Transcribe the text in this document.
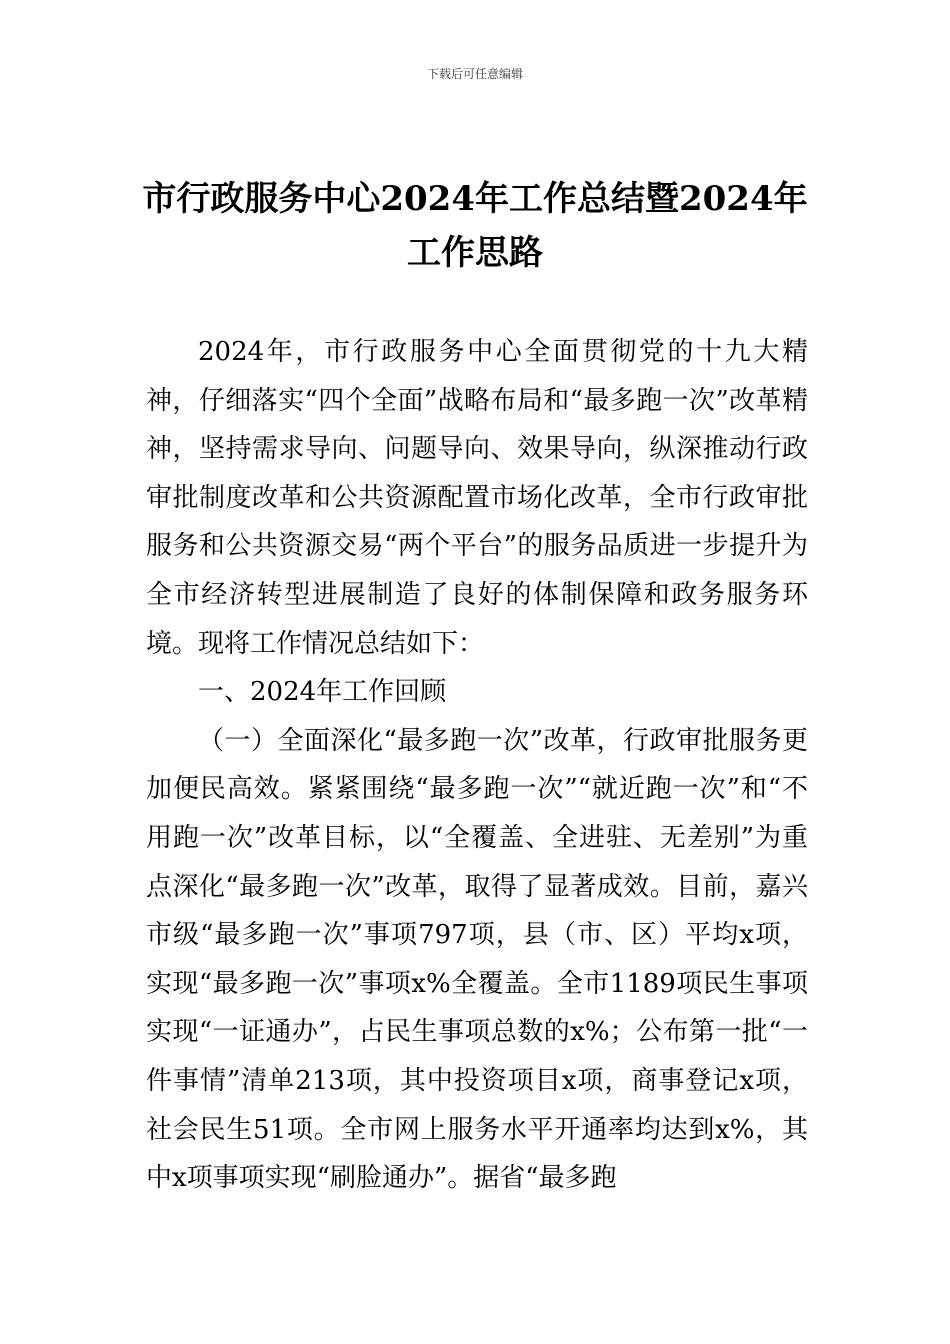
下载后可任意编辑
市行政服务中心2024年工作总结暨2024年
工作思路

2024年，市行政服务中心全面贯彻党的十九大精神，仔细落实“四个全面”战略布局和“最多跑一次”改革精神，坚持需求导向、问题导向、效果导向，纵深推动行政审批制度改革和公共资源配置市场化改革，全市行政审批服务和公共资源交易“两个平台”的服务品质进一步提升为全市经济转型进展制造了良好的体制保障和政务服务环境。现将工作情况总结如下：

一、2024年工作回顾

（一）全面深化“最多跑一次”改革，行政审批服务更加便民高效。紧紧围绕“最多跑一次”“就近跑一次”和“不用跑一次”改革目标，以“全覆盖、全进驻、无差别”为重点深化“最多跑一次”改革，取得了显著成效。目前，嘉兴市级“最多跑一次”事项797项，县（市、区）平均x项，实现“最多跑一次”事项x%全覆盖。全市1189项民生事项实现“一证通办”，占民生事项总数的x%；公布第一批“一件事情”清单213项，其中投资项目x项，商事登记x项，社会民生51项。全市网上服务水平开通率均达到x%，其中x项事项实现“刷脸通办”。据省“最多跑
